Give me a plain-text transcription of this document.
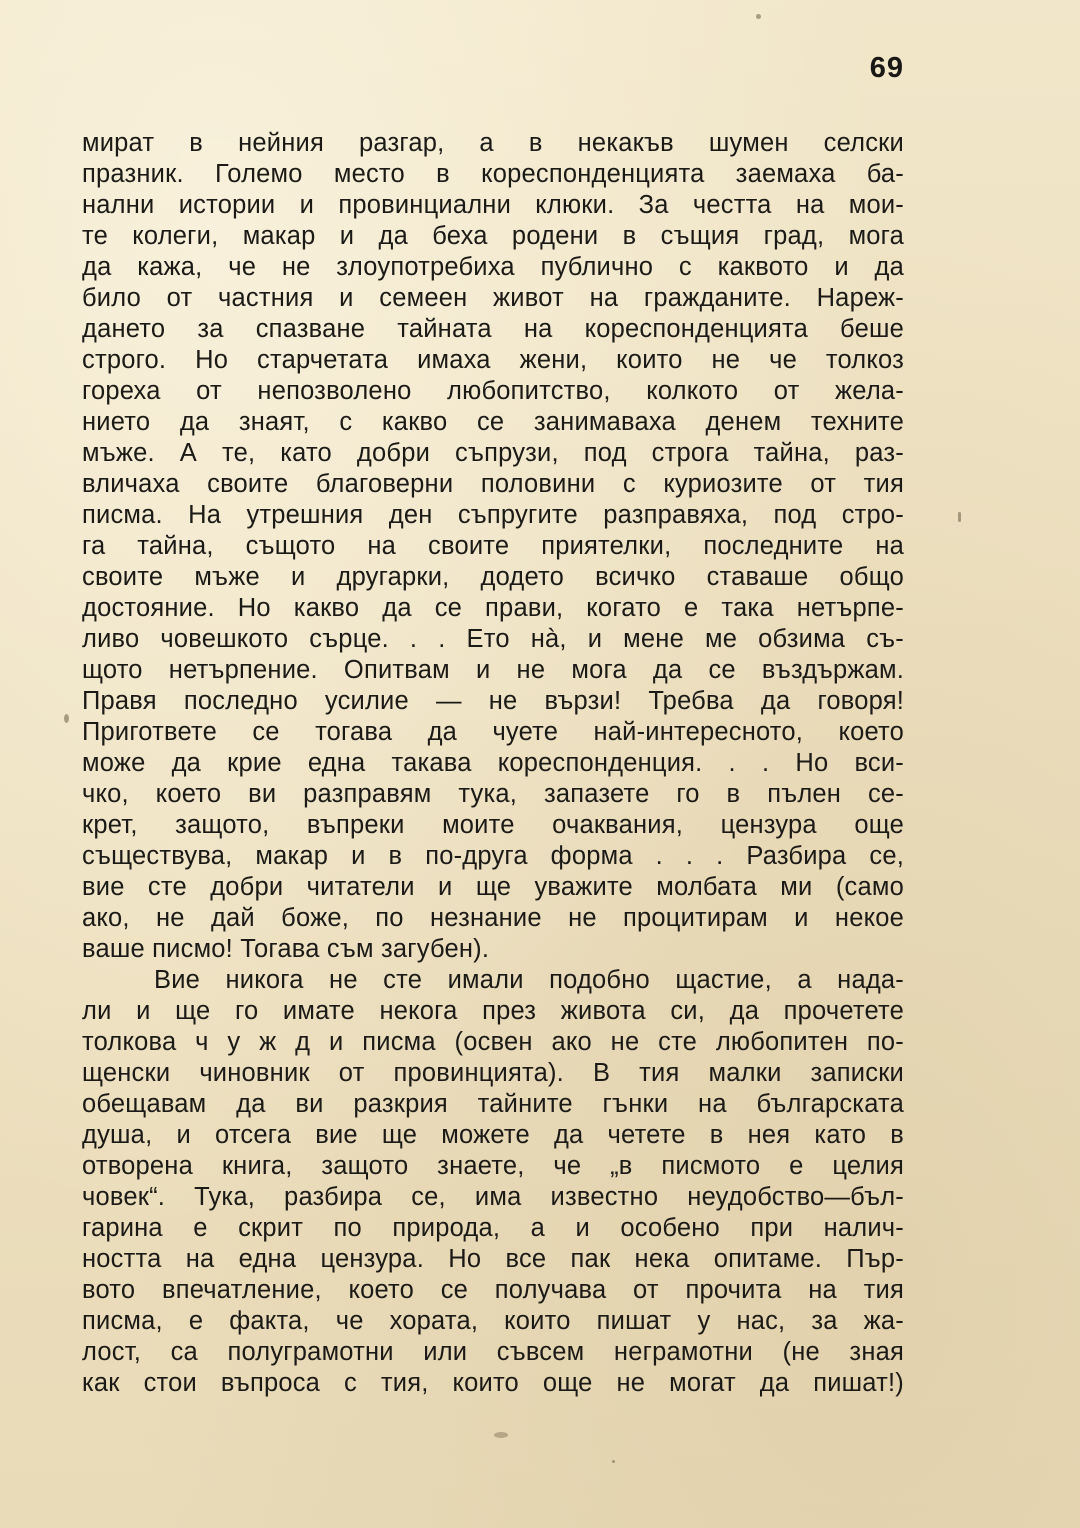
69
мират в нейния разгар, а в некакъв шумен селски
празник. Големо место в кореспонденцията заемаха ба-
нални истории и провинциални клюки. За честта на мои-
те колеги, макар и да беха родени в същия град, мога
да кажа, че не злоупотребиха публично с каквото и да
било от частния и семеен живот на гражданите. Нареж-
дането за спазване тайната на кореспонденцията беше
строго. Но старчетата имаха жени, които не че толкоз
гореха от непозволено любопитство, колкото от жела-
нието да знаят, с какво се занимаваха денем техните
мъже. А те, като добри съпрузи, под строга тайна, раз-
вличаха своите благоверни половини с куриозите от тия
писма. На утрешния ден съпругите разправяха, под стро-
га тайна, същото на своите приятелки, последните на
своите мъже и другарки, додето всичко ставаше общо
достояние. Но какво да се прави, когато е така нетърпе-
ливо човешкото сърце. . . Ето нà, и мене ме обзима съ-
щото нетърпение. Опитвам и не мога да се въздържам.
Правя последно усилие — не вързи! Требва да говоря!
Пригответе се тогава да чуете най-интересното, което
може да крие една такава кореспонденция. . . Но вси-
чко, което ви разправям тука, запазете го в пълен се-
крет, защото, въпреки моите очаквания, цензура още
съществува, макар и в по-друга форма . . . Разбира се,
вие сте добри читатели и ще уважите молбата ми (само
ако, не дай боже, по незнание не процитирам и некое
ваше писмо! Тогава съм загубен).
Вие никога не сте имали подобно щастие, а нада-
ли и ще го имате некога през живота си, да прочетете
толкова ч у ж д и писма (освен ако не сте любопитен по-
щенски чиновник от провинцията). В тия малки записки
обещавам да ви разкрия тайните гънки на българската
душа, и отсега вие ще можете да четете в нея като в
отворена книга, защото знаете, че „в писмото е целия
човек“. Тука, разбира се, има известно неудобство—бъл-
гарина е скрит по природа, а и особено при налич-
ността на една цензура. Но все пак нека опитаме. Пър-
вото впечатление, което се получава от прочита на тия
писма, е факта, че хората, които пишат у нас, за жа-
лост, са полуграмотни или съвсем неграмотни (не зная
как стои въпроса с тия, които още не могат да пишат!)
